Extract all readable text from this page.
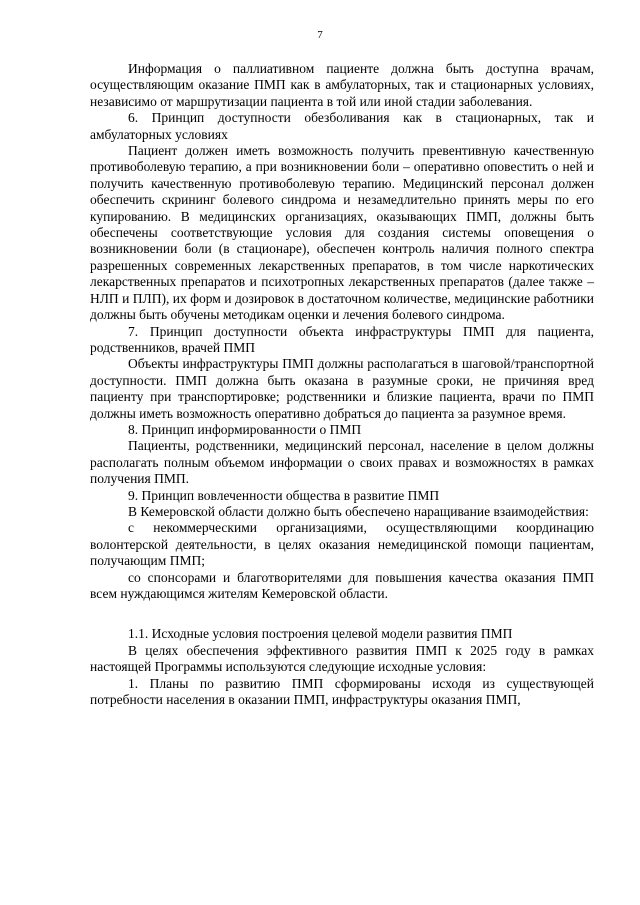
7

Информация о паллиативном пациенте должна быть доступна врачам, осуществляющим оказание ПМП как в амбулаторных, так и стационарных условиях, независимо от маршрутизации пациента в той или иной стадии заболевания.

6. Принцип доступности обезболивания как в стационарных, так и амбулаторных условиях

Пациент должен иметь возможность получить превентивную качественную противоболевую терапию, а при возникновении боли – оперативно оповестить о ней и получить качественную противоболевую терапию. Медицинский персонал должен обеспечить скрининг болевого синдрома и незамедлительно принять меры по его купированию. В медицинских организациях, оказывающих ПМП, должны быть обеспечены соответствующие условия для создания системы оповещения о возникновении боли (в стационаре), обеспечен контроль наличия полного спектра разрешенных современных лекарственных препаратов, в том числе наркотических лекарственных препаратов и психотропных лекарственных препаратов (далее также – НЛП и ПЛП), их форм и дозировок в достаточном количестве, медицинские работники должны быть обучены методикам оценки и лечения болевого синдрома.

7. Принцип доступности объекта инфраструктуры ПМП для пациента, родственников, врачей ПМП

Объекты инфраструктуры ПМП должны располагаться в шаговой/транспортной доступности. ПМП должна быть оказана в разумные сроки, не причиняя вред пациенту при транспортировке; родственники и близкие пациента, врачи по ПМП должны иметь возможность оперативно добраться до пациента за разумное время.

8. Принцип информированности о ПМП

Пациенты, родственники, медицинский персонал, население в целом должны располагать полным объемом информации о своих правах и возможностях в рамках получения ПМП.

9. Принцип вовлеченности общества в развитие ПМП

В Кемеровской области должно быть обеспечено наращивание взаимодействия:

с некоммерческими организациями, осуществляющими координацию волонтерской деятельности, в целях оказания немедицинской помощи пациентам, получающим ПМП;

со спонсорами и благотворителями для повышения качества оказания ПМП всем нуждающимся жителям Кемеровской области.

1.1. Исходные условия построения целевой модели развития ПМП

В целях обеспечения эффективного развития ПМП к 2025 году в рамках настоящей Программы используются следующие исходные условия:

1. Планы по развитию ПМП сформированы исходя из существующей потребности населения в оказании ПМП, инфраструктуры оказания ПМП,
